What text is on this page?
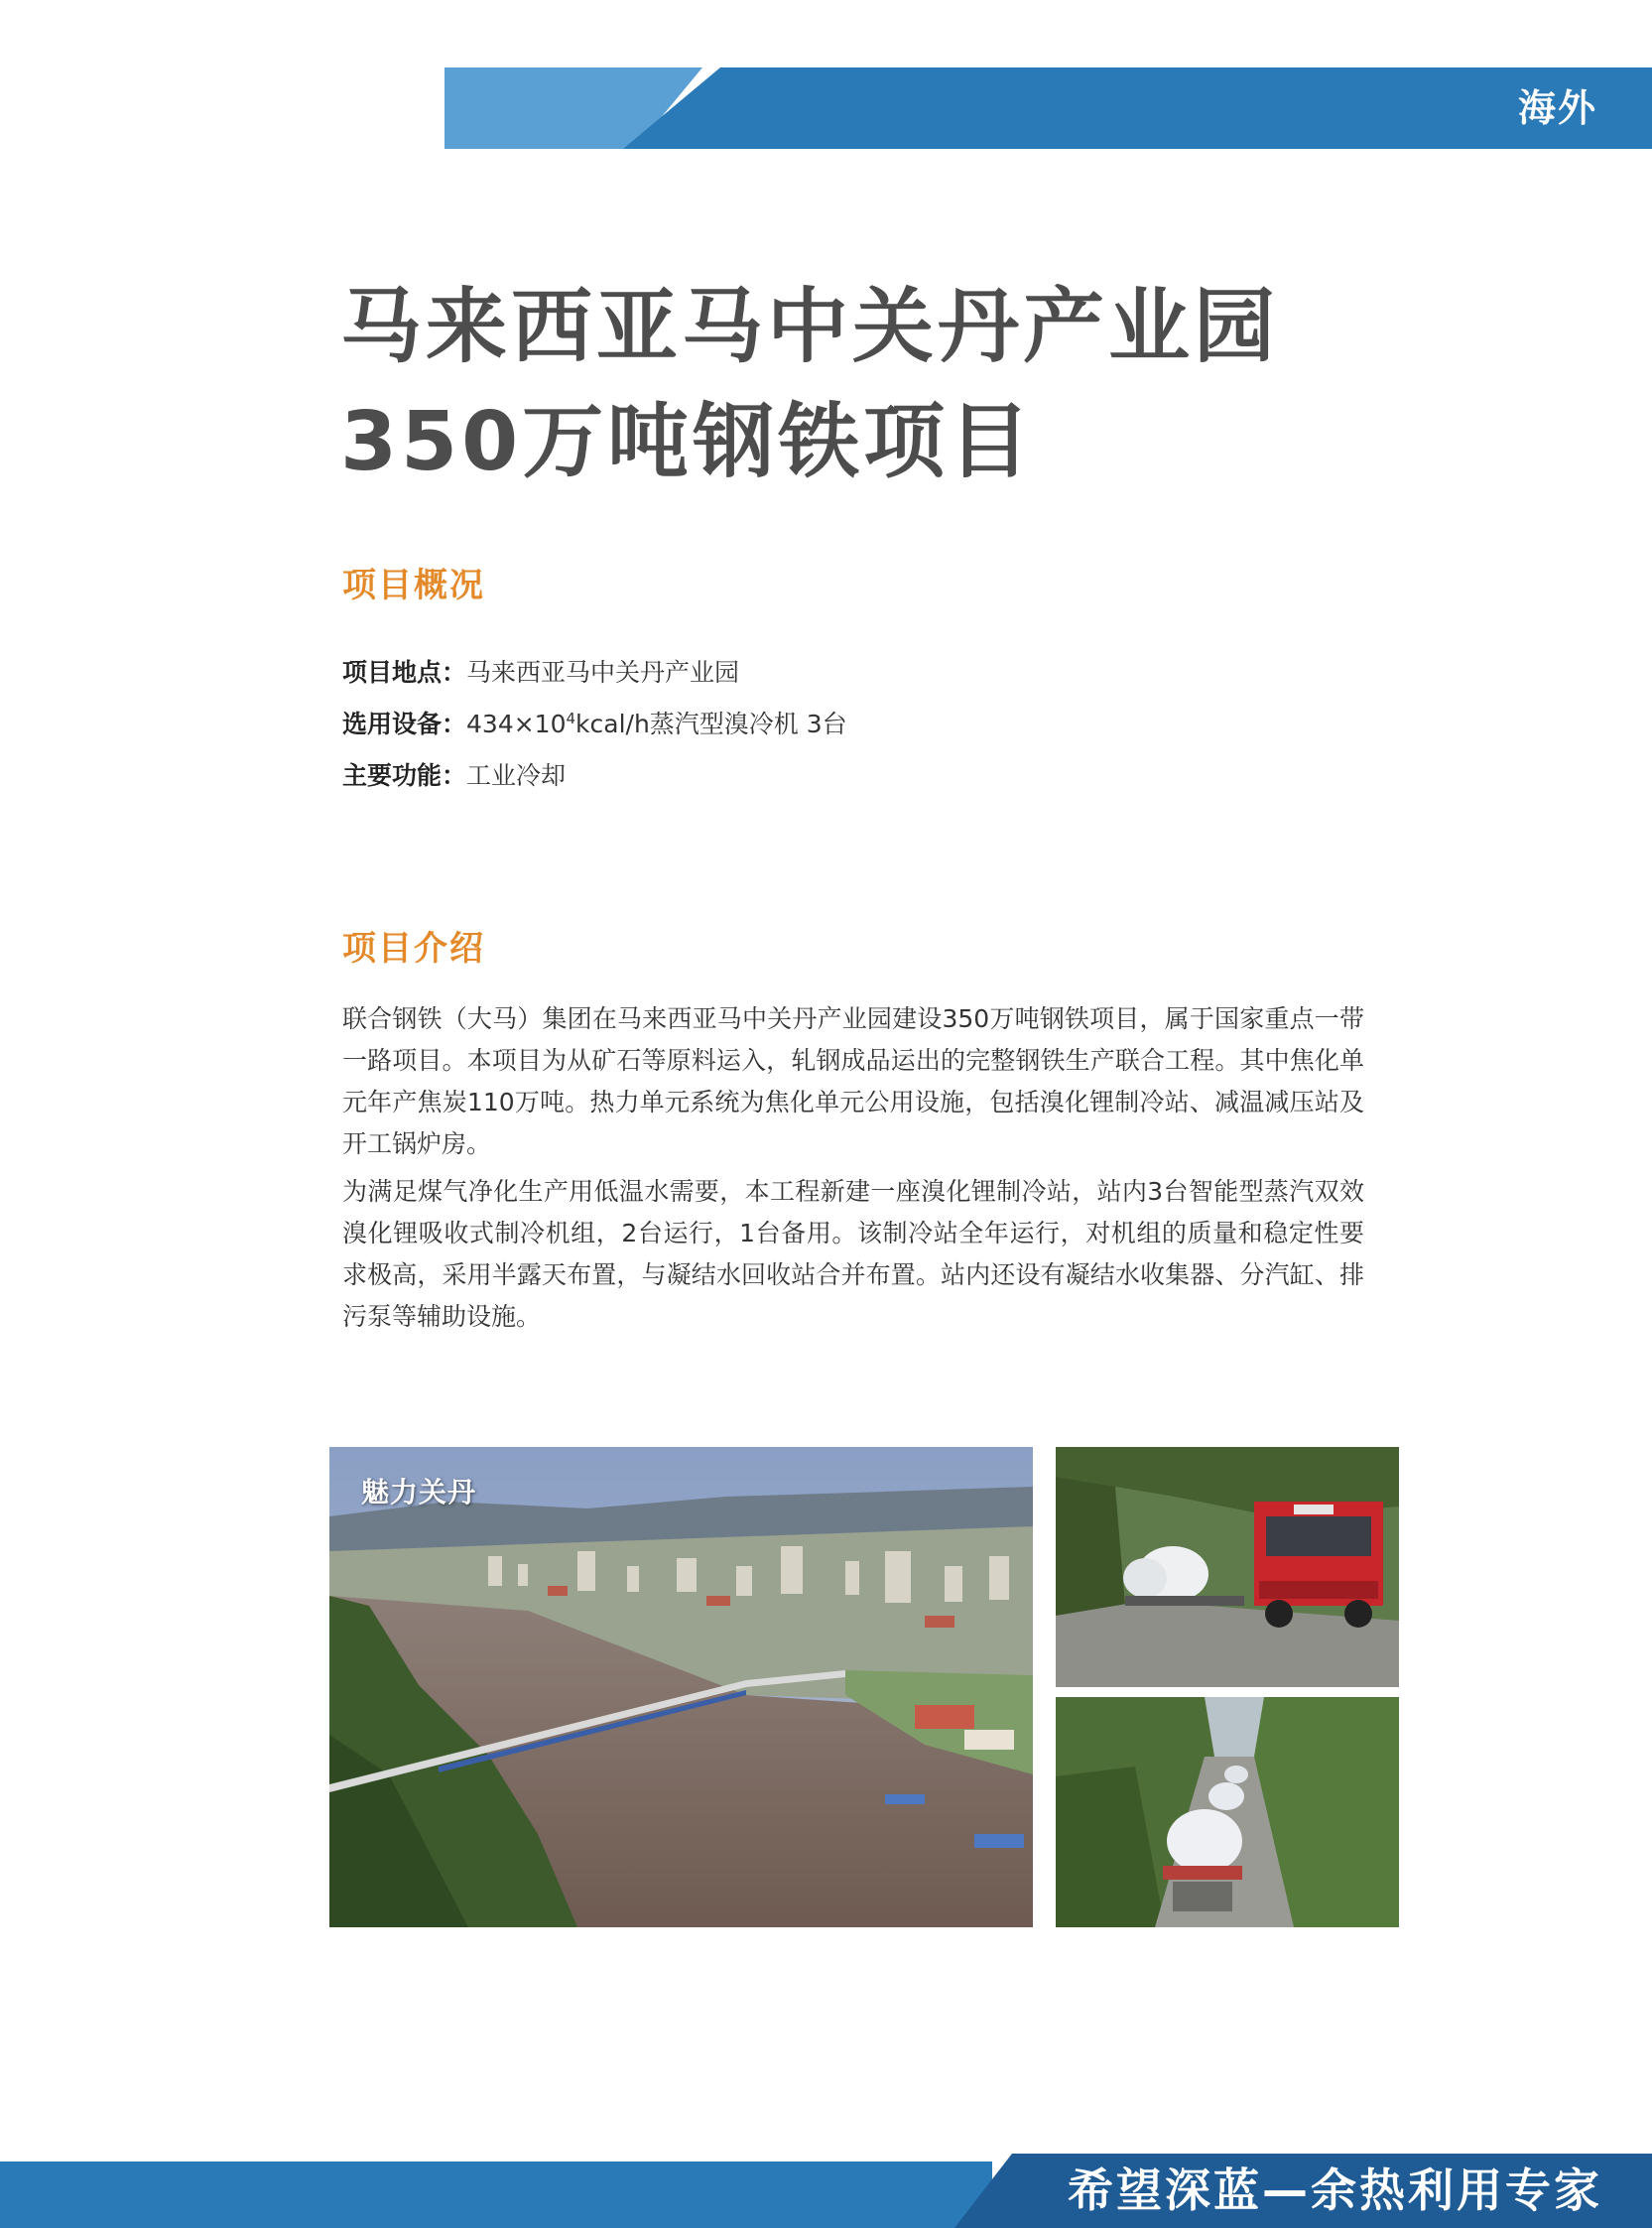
海外
马来西亚马中关丹产业园
350万吨钢铁项目
项目概况
项目地点：马来西亚马中关丹产业园
选用设备：$434\times 10^4kcal/h$蒸汽型溴冷机 3台
主要功能：工业冷却
项目介绍

联合钢铁（大马）集团在马来西亚马中关丹产业园建设350万吨钢铁项目，属于国家重点一带一路项目。本项目为从矿石等原料运入，轧钢成品运出的完整钢铁生产联合工程。其中焦化单元年产焦炭110万吨。热力单元系统为焦化单元公用设施，包括溴化锂制冷站、减温减压站及开工锅炉房。

为满足煤气净化生产用低温水需要，本工程新建一座溴化锂制冷站，站内3台智能型蒸汽双效溴化锂吸收式制冷机组，2台运行，1台备用。该制冷站全年运行，对机组的质量和稳定性要求极高，采用半露天布置，与凝结水回收站合并布置。站内还设有凝结水收集器、分汽缸、排污泵等辅助设施。

魅力关丹
希望深蓝—余热利用专家
